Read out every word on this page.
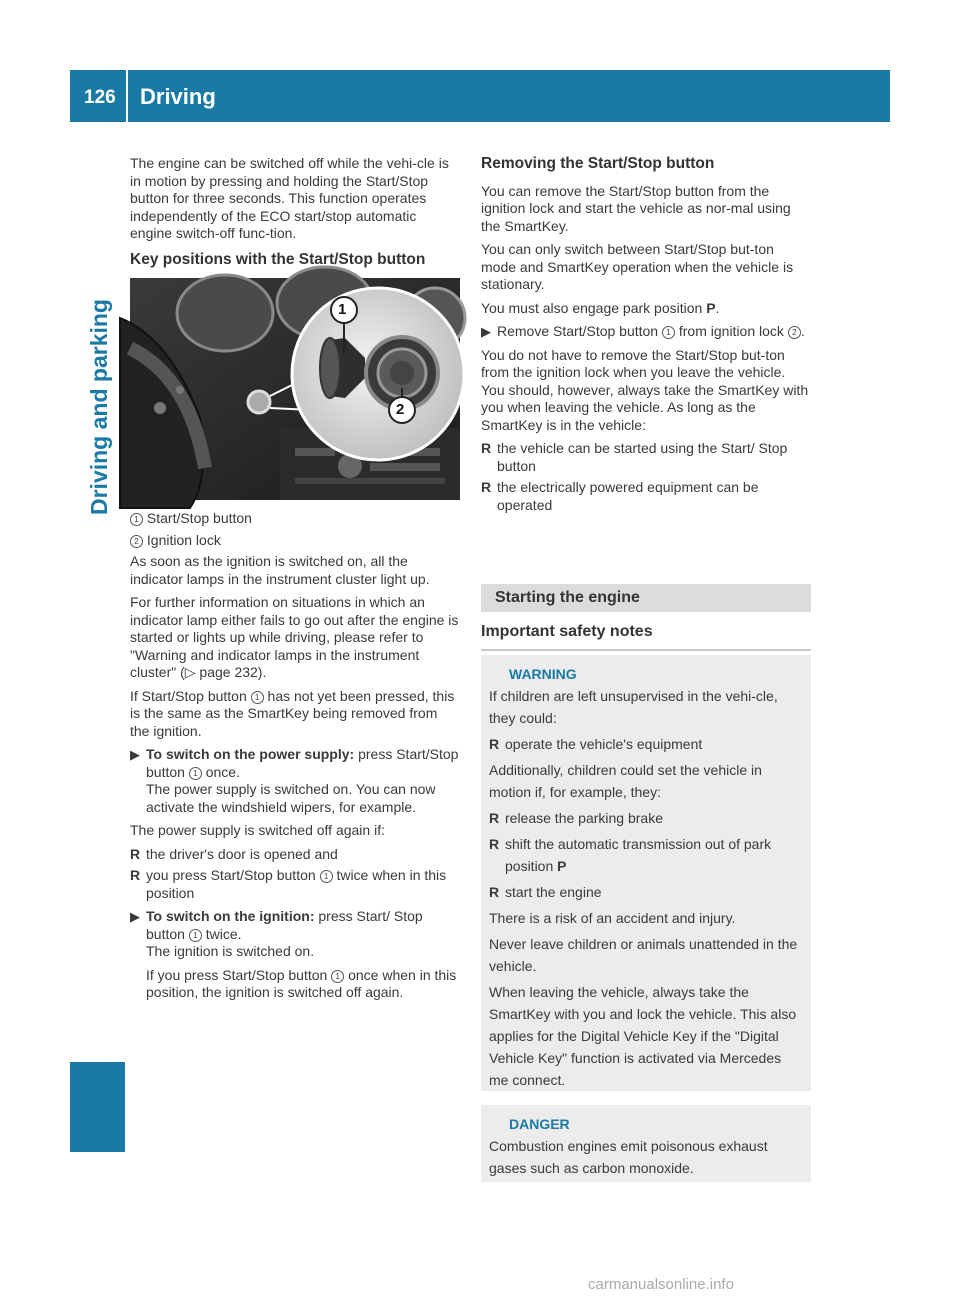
126 Driving
Driving and parking

The engine can be switched off while the vehi-cle is in motion by pressing and holding the Start/Stop button for three seconds. This function operates independently of the ECO start/stop automatic engine switch-off func-tion.

Key positions with the Start/Stop button
1
2
P15.10-2604-31

1 Start/Stop button

2 Ignition lock

As soon as the ignition is switched on, all the indicator lamps in the instrument cluster light up.

For further information on situations in which an indicator lamp either fails to go out after the engine is started or lights up while driving, please refer to "Warning and indicator lamps in the instrument cluster" (▷ page 232).

If Start/Stop button 1 has not yet been pressed, this is the same as the SmartKey being removed from the ignition.

▶ To switch on the power supply: press Start/Stop button 1 once.
The power supply is switched on. You can now activate the windshield wipers, for example.

The power supply is switched off again if:

R the driver's door is opened and
R you press Start/Stop button 1 twice when in this position
▶ To switch on the ignition: press Start/ Stop button 1 twice.
The ignition is switched on.

If you press Start/Stop button 1 once when in this position, the ignition is switched off again.

Removing the Start/Stop button

You can remove the Start/Stop button from the ignition lock and start the vehicle as nor-mal using the SmartKey.

You can only switch between Start/Stop but-ton mode and SmartKey operation when the vehicle is stationary.

You must also engage park position P.

▶ Remove Start/Stop button 1 from ignition lock 2 .

You do not have to remove the Start/Stop but-ton from the ignition lock when you leave the vehicle. You should, however, always take the SmartKey with you when leaving the vehicle. As long as the SmartKey is in the vehicle:

R the vehicle can be started using the Start/ Stop button
R the electrically powered equipment can be operated
Starting the engine
Important safety notes
WARNING
If children are left unsupervised in the vehi-cle, they could:
R operate the vehicle's equipment
Additionally, children could set the vehicle in motion if, for example, they:
R release the parking brake
R shift the automatic transmission out of park position P
R start the engine
There is a risk of an accident and injury.
Never leave children or animals unattended in the vehicle.
When leaving the vehicle, always take the SmartKey with you and lock the vehicle. This also applies for the Digital Vehicle Key if the "Digital Vehicle Key" function is activated via Mercedes me connect.
DANGER
Combustion engines emit poisonous exhaust gases such as carbon monoxide.
carmanualsonline.info
